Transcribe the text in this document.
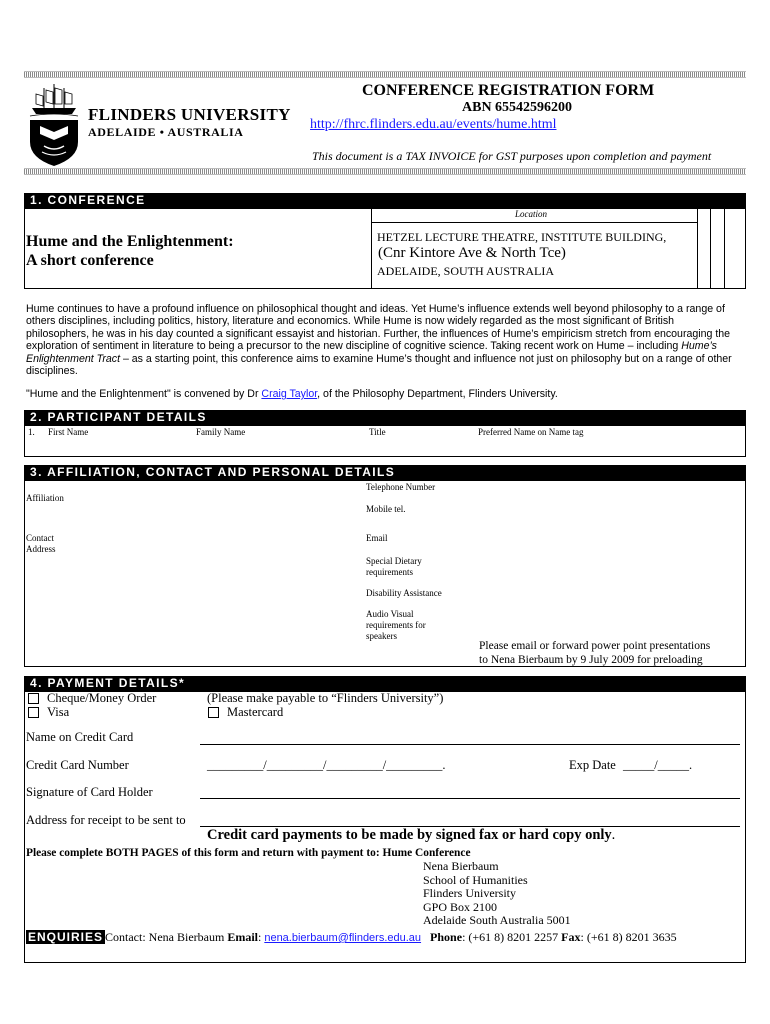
FLINDERS UNIVERSITY
ADELAIDE • AUSTRALIA
CONFERENCE REGISTRATION FORM
ABN 65542596200
http://fhrc.flinders.edu.au/events/hume.html
This document is a TAX INVOICE for GST purposes upon completion and payment
1. CONFERENCE
Location
Hume and the Enlightenment:
A short conference
HETZEL LECTURE THEATRE, INSTITUTE BUILDING,
(Cnr Kintore Ave & North Tce)
ADELAIDE, SOUTH AUSTRALIA
Hume continues to have a profound influence on philosophical thought and ideas. Yet Hume’s influence extends well beyond philosophy to a range of others disciplines, including politics, history, literature and economics. While Hume is now widely regarded as the most significant of British philosophers, he was in his day counted a significant essayist and historian. Further, the influences of Hume’s empiricism stretch from encouraging the exploration of sentiment in literature to being a precursor to the new discipline of cognitive science. Taking recent work on Hume – including Hume’s Enlightenment Tract – as a starting point, this conference aims to examine Hume’s thought and influence not just on philosophy but on a range of other disciplines.
"Hume and the Enlightenment" is convened by Dr Craig Taylor, of the Philosophy Department, Flinders University.
2. PARTICIPANT DETAILS
1. First Name	Family Name	Title	Preferred Name on Name tag
3. AFFILIATION, CONTACT AND PERSONAL DETAILS
Affiliation
Contact
Address
Telephone Number
Mobile tel.
Email
Special Dietary
requirements
Disability Assistance
Audio Visual
requirements for
speakers
Please email or forward power point presentations
to Nena Bierbaum by 9 July 2009 for preloading
4. PAYMENT DETAILS*
Cheque/Money Order
Visa
(Please make payable to “Flinders University”)
Mastercard
Name on Credit Card
Credit Card Number	_________/_________/_________/_________.	Exp Date _____/_____.
Signature of Card Holder
Address for receipt to be sent to
Credit card payments to be made by signed fax or hard copy only.
Please complete BOTH PAGES of this form and return with payment to: Hume Conference
Nena Bierbaum
School of Humanities
Flinders University
GPO Box 2100
Adelaide South Australia 5001
ENQUIRIES Contact: Nena Bierbaum Email: nena.bierbaum@flinders.edu.au Phone: (+61 8) 8201 2257 Fax: (+61 8) 8201 3635
